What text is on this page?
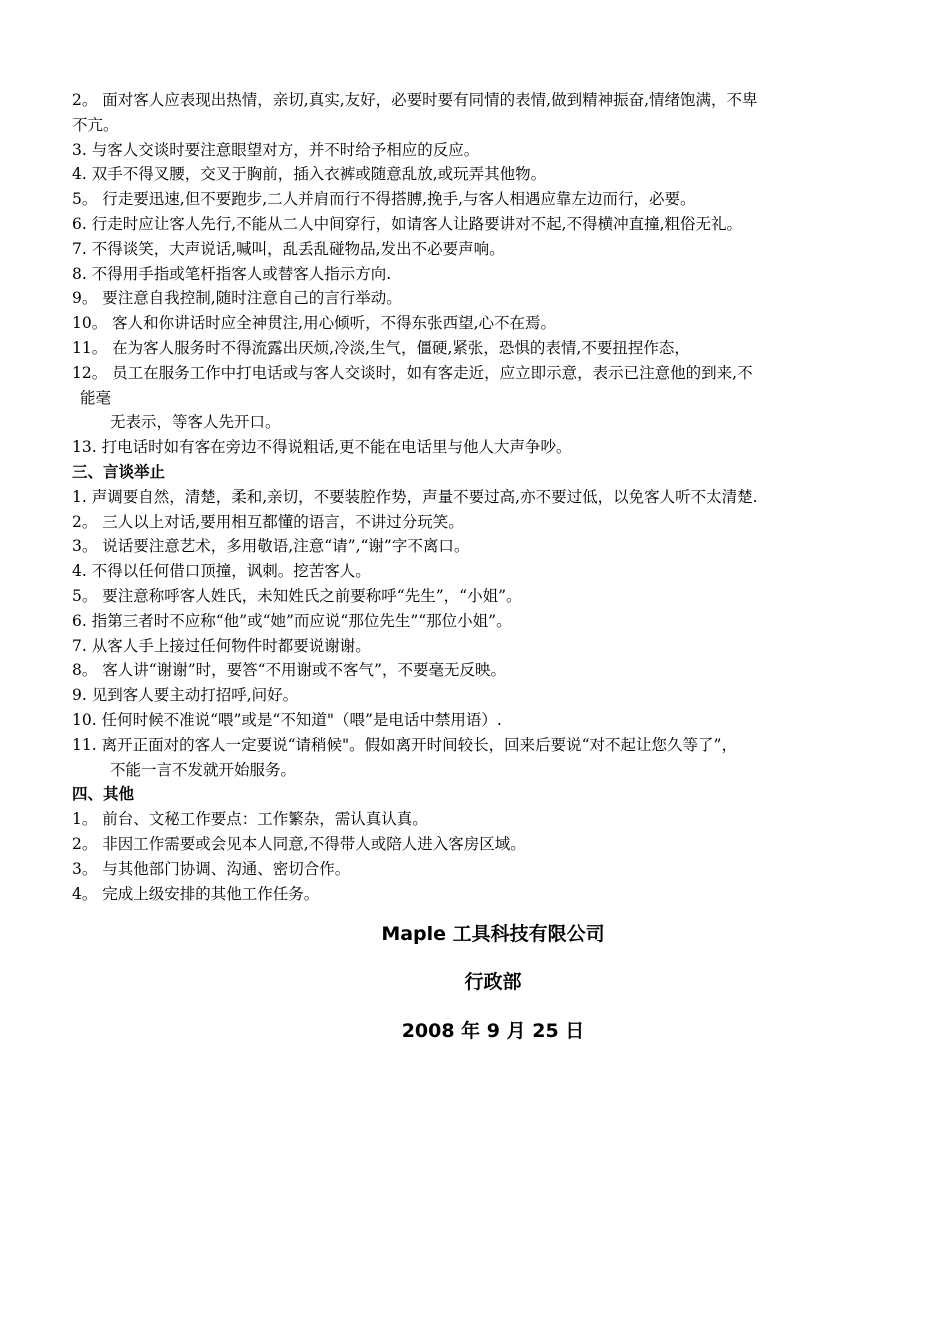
2。 面对客人应表现出热情，亲切,真实,友好，必要时要有同情的表情,做到精神振奋,情绪饱满，不卑
不亢。
3. 与客人交谈时要注意眼望对方，并不时给予相应的反应。
4. 双手不得叉腰，交叉于胸前，插入衣裤或随意乱放,或玩弄其他物。
5。 行走要迅速,但不要跑步,二人并肩而行不得搭膊,挽手,与客人相遇应靠左边而行，必要。
6. 行走时应让客人先行,不能从二人中间穿行，如请客人让路要讲对不起,不得横冲直撞,粗俗无礼。
7. 不得谈笑，大声说话,喊叫，乱丢乱碰物品,发出不必要声响。
8. 不得用手指或笔杆指客人或替客人指示方向.
9。 要注意自我控制,随时注意自己的言行举动。
10。 客人和你讲话时应全神贯注,用心倾听，不得东张西望,心不在焉。
11。 在为客人服务时不得流露出厌烦,冷淡,生气，僵硬,紧张，恐惧的表情,不要扭捏作态，
12。 员工在服务工作中打电话或与客人交谈时，如有客走近，应立即示意，表示已注意他的到来,不
能毫
无表示，等客人先开口。
13. 打电话时如有客在旁边不得说粗话,更不能在电话里与他人大声争吵。
三、言谈举止
1. 声调要自然，清楚，柔和,亲切，不要装腔作势，声量不要过高,亦不要过低，以免客人听不太清楚.
2。 三人以上对话,要用相互都懂的语言，不讲过分玩笑。
3。 说话要注意艺术，多用敬语,注意“请”,“谢”字不离口。
4. 不得以任何借口顶撞，讽刺。挖苦客人。
5。 要注意称呼客人姓氏，未知姓氏之前要称呼“先生”，“小姐”。
6. 指第三者时不应称“他”或“她”而应说“那位先生”“那位小姐”。
7. 从客人手上接过任何物件时都要说谢谢。
8。 客人讲“谢谢”时，要答“不用谢或不客气”，不要毫无反映。
9. 见到客人要主动打招呼,问好。
10. 任何时候不准说“喂”或是“不知道"（喂”是电话中禁用语）.
11. 离开正面对的客人一定要说“请稍候"。假如离开时间较长，回来后要说“对不起让您久等了”，
不能一言不发就开始服务。
四、其他
1。 前台、文秘工作要点：工作繁杂，需认真认真。
2。 非因工作需要或会见本人同意,不得带人或陪人进入客房区域。
3。 与其他部门协调、沟通、密切合作。
4。 完成上级安排的其他工作任务。
Maple 工具科技有限公司
行政部
2008 年 9 月 25 日
